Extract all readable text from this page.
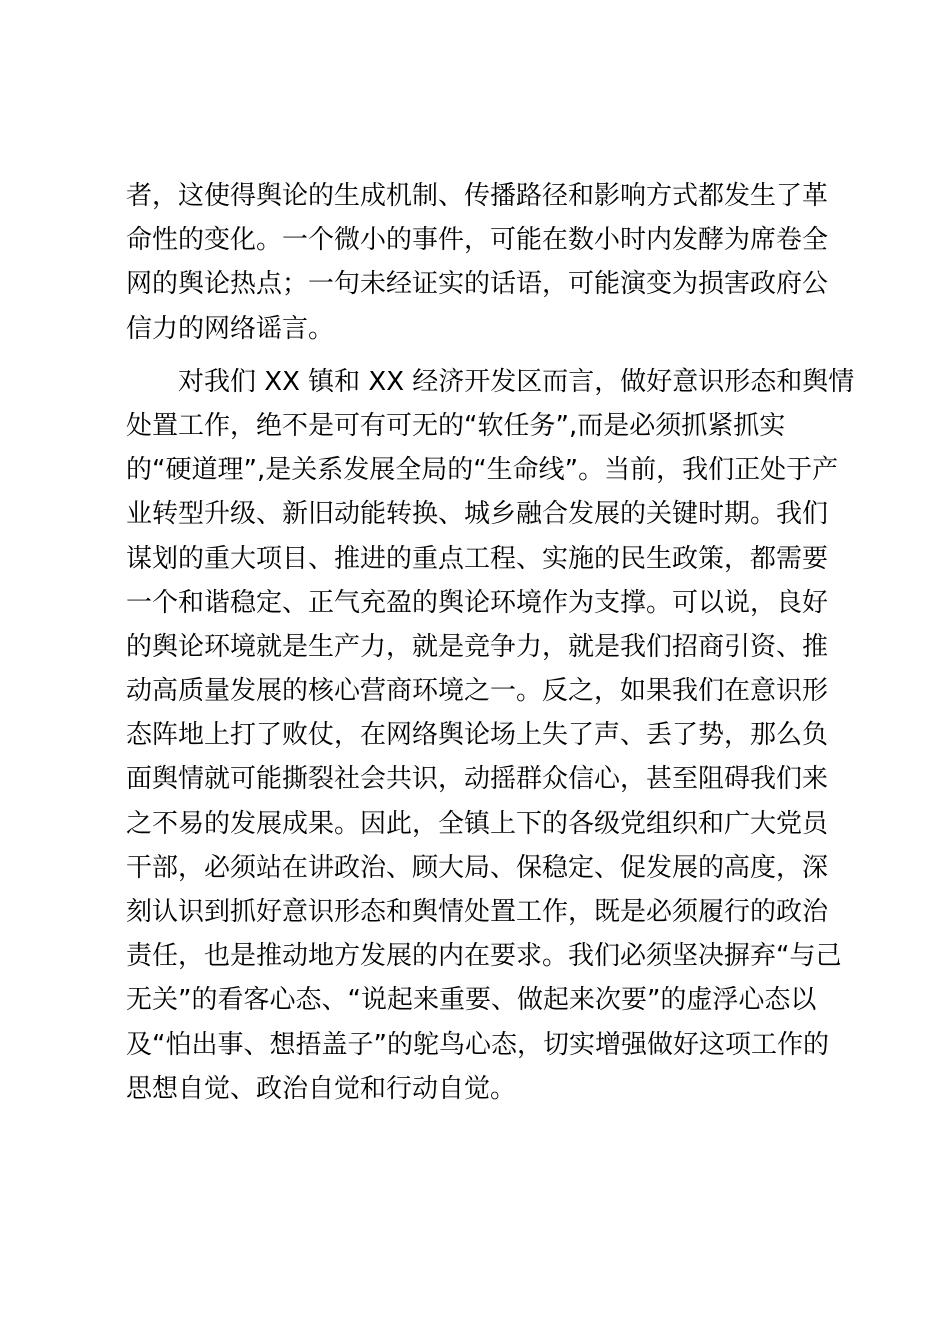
者，这使得舆论的生成机制、传播路径和影响方式都发生了革
命性的变化。一个微小的事件，可能在数小时内发酵为席卷全
网的舆论热点；一句未经证实的话语，可能演变为损害政府公
信力的网络谣言。
　　对我们 XX 镇和 XX 经济开发区而言，做好意识形态和舆情
处置工作，绝不是可有可无的“软任务”,而是必须抓紧抓实
的“硬道理”,是关系发展全局的“生命线”。当前，我们正处于产
业转型升级、新旧动能转换、城乡融合发展的关键时期。我们
谋划的重大项目、推进的重点工程、实施的民生政策，都需要
一个和谐稳定、正气充盈的舆论环境作为支撑。可以说，良好
的舆论环境就是生产力，就是竞争力，就是我们招商引资、推
动高质量发展的核心营商环境之一。反之，如果我们在意识形
态阵地上打了败仗，在网络舆论场上失了声、丢了势，那么负
面舆情就可能撕裂社会共识，动摇群众信心，甚至阻碍我们来
之不易的发展成果。因此，全镇上下的各级党组织和广大党员
干部，必须站在讲政治、顾大局、保稳定、促发展的高度，深
刻认识到抓好意识形态和舆情处置工作，既是必须履行的政治
责任，也是推动地方发展的内在要求。我们必须坚决摒弃“与己
无关”的看客心态、“说起来重要、做起来次要”的虚浮心态以
及“怕出事、想捂盖子”的鸵鸟心态，切实增强做好这项工作的
思想自觉、政治自觉和行动自觉。
